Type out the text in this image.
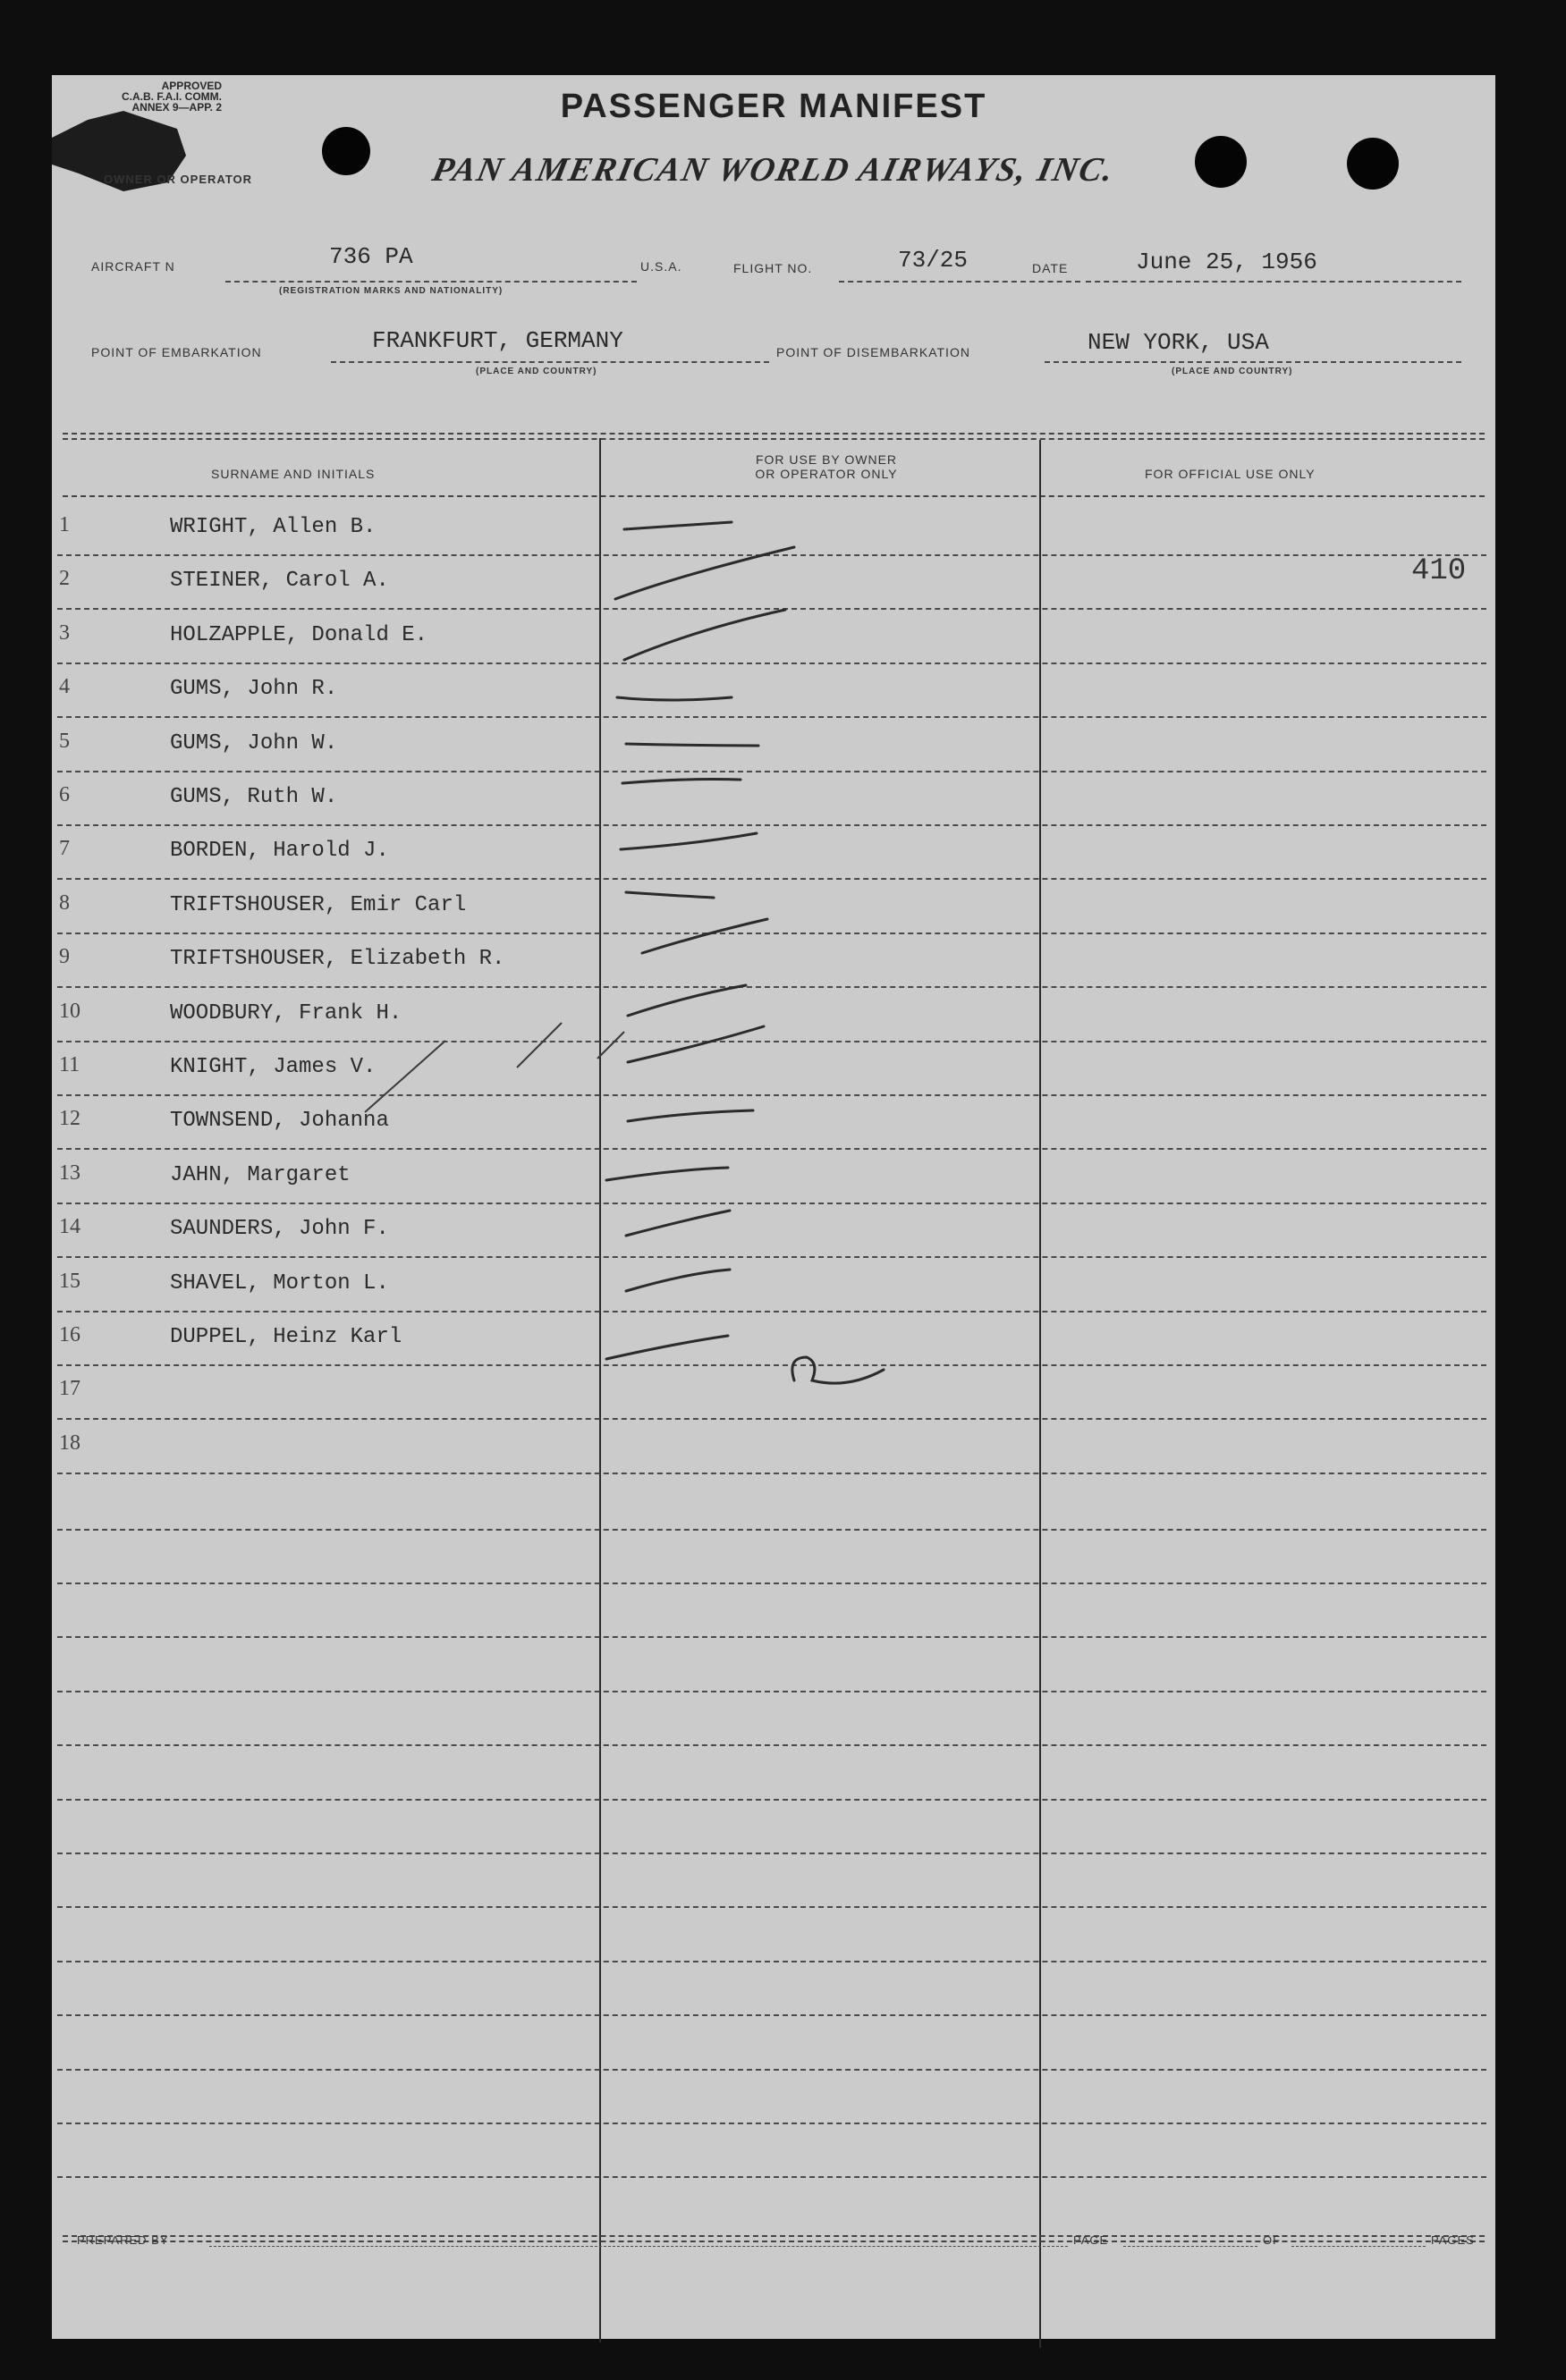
APPROVED
C.A.B. F.A.I. COMM.
ANNEX 9—APP. 2	PASSENGER MANIFEST
PAN AMERICAN WORLD AIRWAYS, INC.
OWNER OR OPERATOR
AIRCRAFT N	736 PA
(REGISTRATION MARKS AND NATIONALITY)
U.S.A.	FLIGHT NO.	73/25	DATE	June 25, 1956
POINT OF EMBARKATION	FRANKFURT, GERMANY
(PLACE AND COUNTRY)
POINT OF DISEMBARKATION	NEW YORK, USA
(PLACE AND COUNTRY)
SURNAME AND INITIALS
FOR USE BY OWNER
OR OPERATOR ONLY	FOR OFFICIAL USE ONLY
1	WRIGHT, Allen B.
2	STEINER, Carol A.
3	HOLZAPPLE, Donald E.
4	GUMS, John R.
5	GUMS, John W.
6	GUMS, Ruth W.
7	BORDEN, Harold J.
8	TRIFTSHOUSER, Emir Carl
9	TRIFTSHOUSER, Elizabeth R.
10	WOODBURY, Frank H.
11	KNIGHT, James V.
12	TOWNSEND, Johanna
13	JAHN, Margaret
14	SAUNDERS, John F.
15	SHAVEL, Morton L.
16	DUPPEL, Heinz Karl
17
18
410
PREPARED BY	PAGE	OF	PAGES
